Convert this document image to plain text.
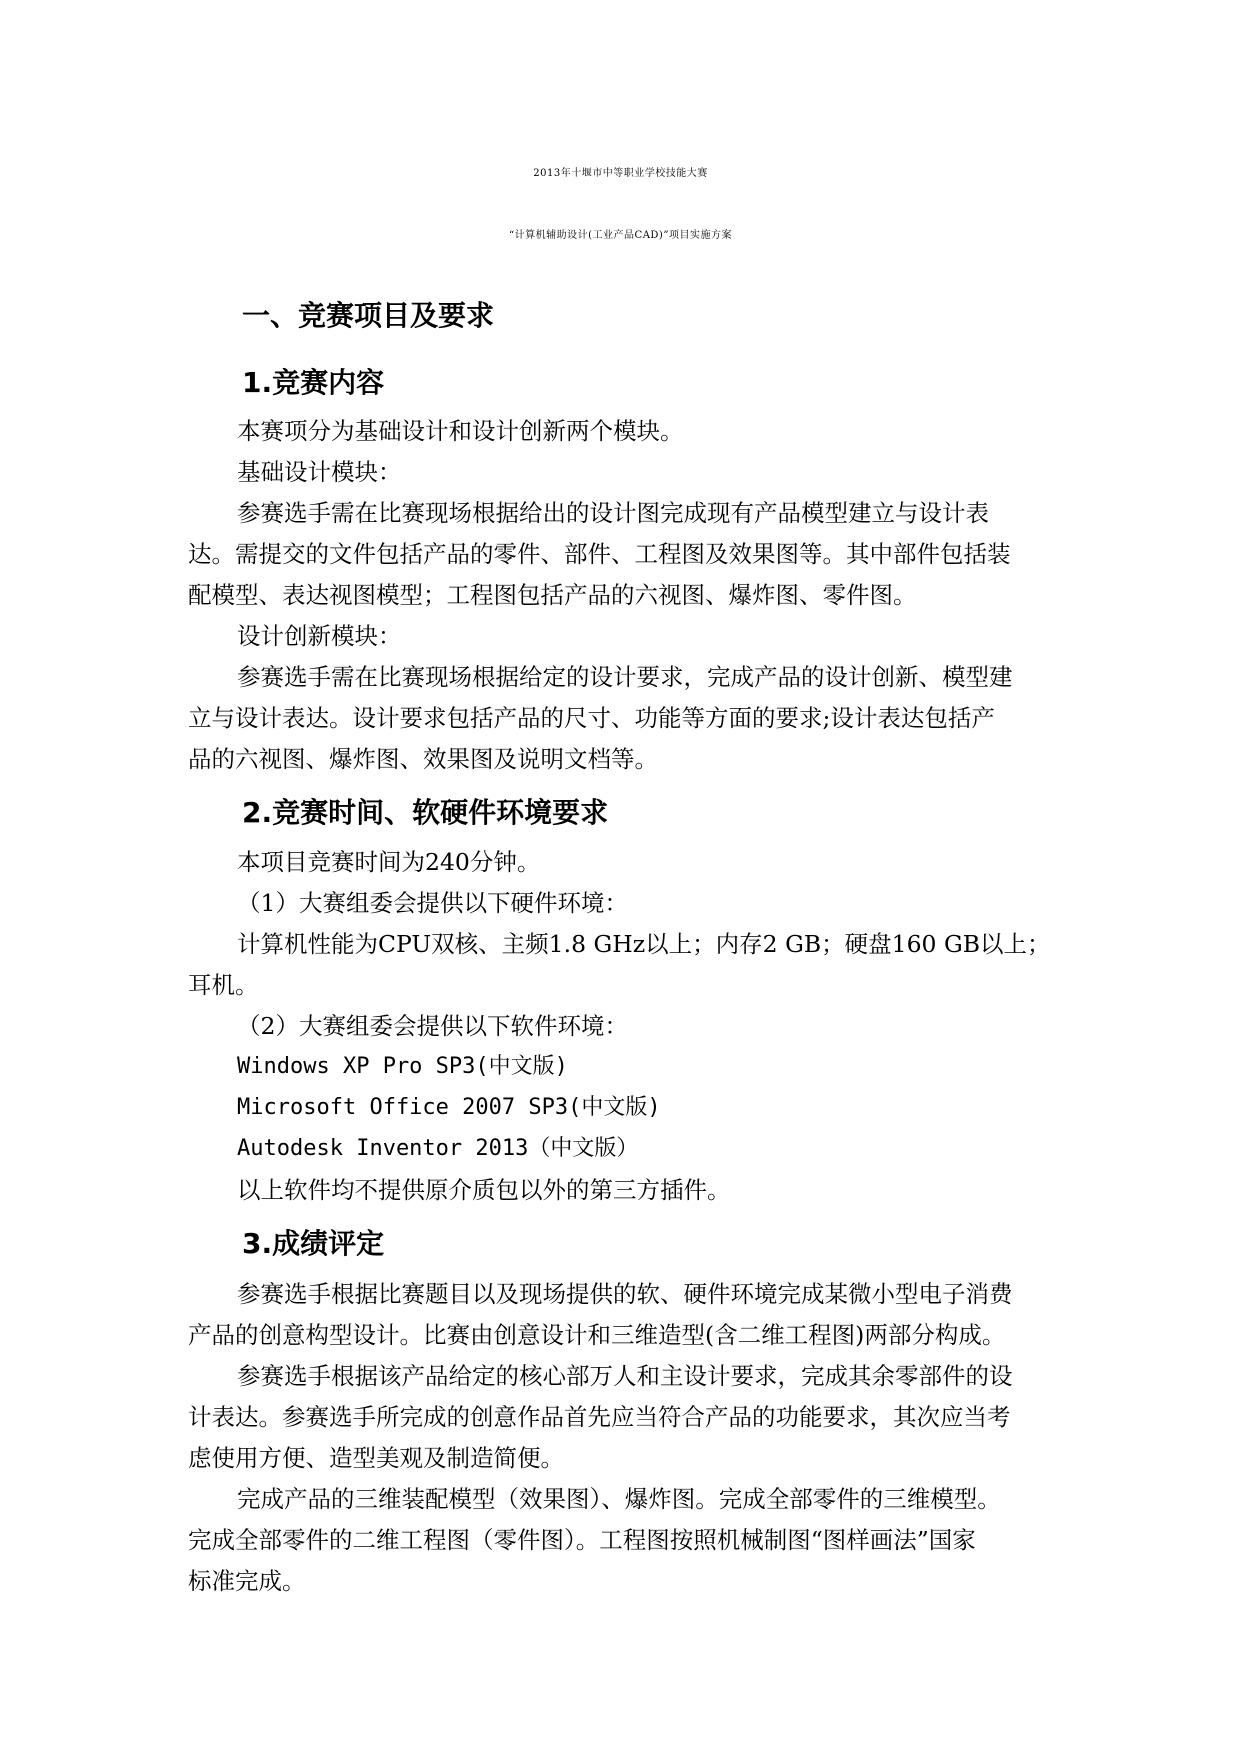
2013年十堰市中等职业学校技能大赛
“计算机辅助设计(工业产品CAD)”项目实施方案
一、竞赛项目及要求
1.竞赛内容
本赛项分为基础设计和设计创新两个模块。
基础设计模块：
参赛选手需在比赛现场根据给出的设计图完成现有产品模型建立与设计表
达。需提交的文件包括产品的零件、部件、工程图及效果图等。其中部件包括装
配模型、表达视图模型；工程图包括产品的六视图、爆炸图、零件图。
设计创新模块：
参赛选手需在比赛现场根据给定的设计要求，完成产品的设计创新、模型建
立与设计表达。设计要求包括产品的尺寸、功能等方面的要求;设计表达包括产
品的六视图、爆炸图、效果图及说明文档等。
2.竞赛时间、软硬件环境要求
本项目竞赛时间为240分钟。
（1）大赛组委会提供以下硬件环境：
计算机性能为CPU双核、主频1.8 GHz以上；内存2 GB；硬盘160 GB以上；
耳机。
（2）大赛组委会提供以下软件环境：
Windows XP Pro SP3(中文版)
Microsoft Office 2007 SP3(中文版)
Autodesk Inventor 2013（中文版）
以上软件均不提供原介质包以外的第三方插件。
3.成绩评定
参赛选手根据比赛题目以及现场提供的软、硬件环境完成某微小型电子消费
产品的创意构型设计。比赛由创意设计和三维造型(含二维工程图)两部分构成。
参赛选手根据该产品给定的核心部万人和主设计要求，完成其余零部件的设
计表达。参赛选手所完成的创意作品首先应当符合产品的功能要求，其次应当考
虑使用方便、造型美观及制造简便。
完成产品的三维装配模型（效果图）、爆炸图。完成全部零件的三维模型。
完成全部零件的二维工程图（零件图）。工程图按照机械制图“图样画法”国家
标准完成。
